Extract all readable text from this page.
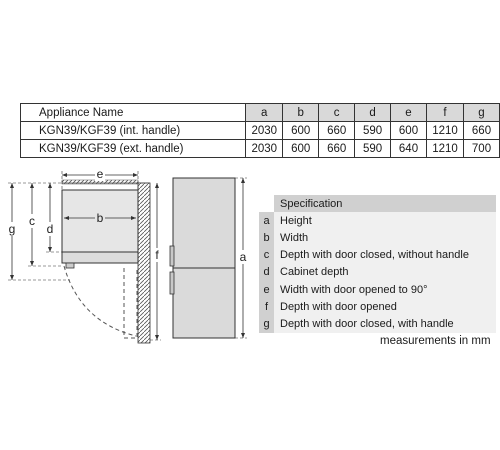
Appliance Name	a	b	c	d	e	f	g
KGN39/KGF39 (int. handle)	2030	600	660	590	600	1210	660
KGN39/KGF39 (ext. handle)	2030	600	660	590	640	1210	700
e
b
g
c
d
f	a
	Specification
a	Height
b	Width
c	Depth with door closed, without handle
d	Cabinet depth
e	Width with door opened to 90°
f	Depth with door opened
g	Depth with door closed, with handle
measurements in mm
